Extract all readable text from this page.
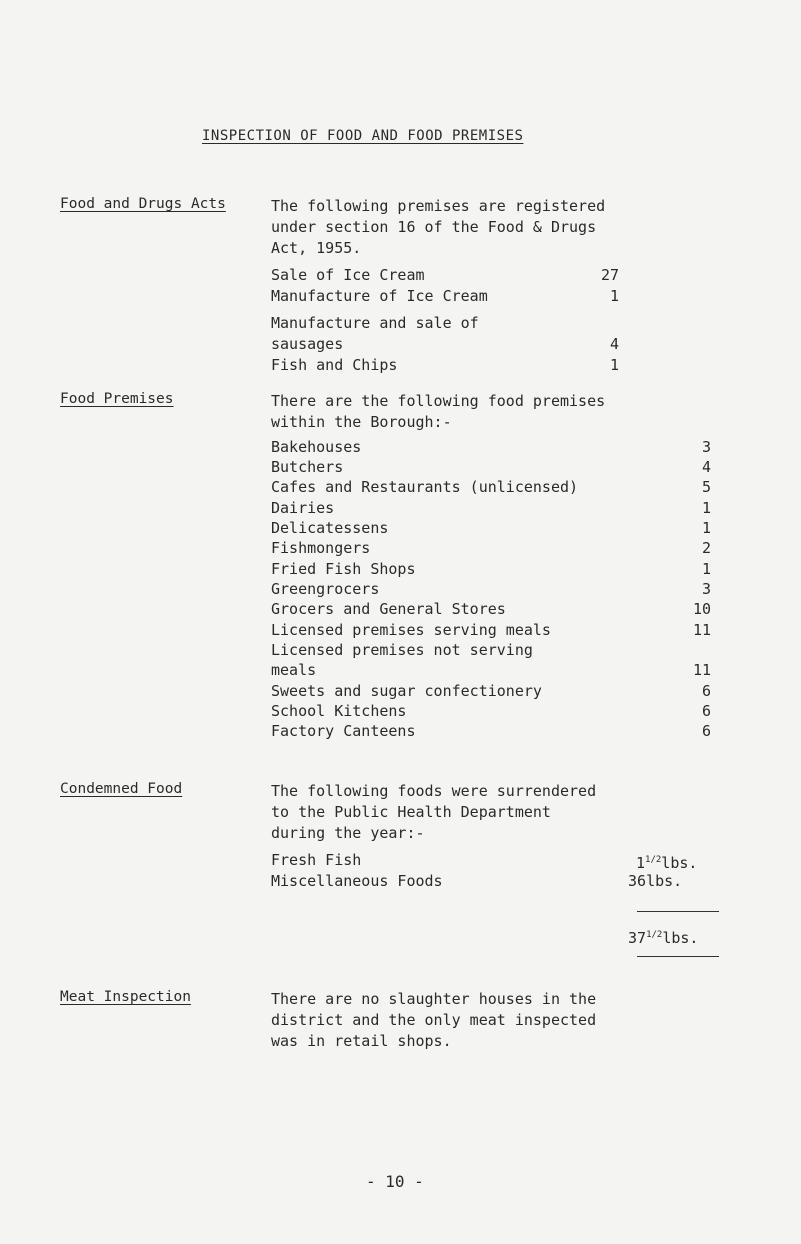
INSPECTION OF FOOD AND FOOD PREMISES
Food and Drugs Acts	The following premises are registered
under section 16 of the Food & Drugs
Act, 1955.
Sale of Ice Cream	27
Manufacture of Ice Cream	1
Manufacture and sale of
sausages	4
Fish and Chips	1
Food Premises	There are the following food premises
within the Borough:-
Bakehouses	3
Butchers	4
Cafes and Restaurants (unlicensed)	5
Dairies	1
Delicatessens	1
Fishmongers	2
Fried Fish Shops	1
Greengrocers	3
Grocers and General Stores	10
Licensed premises serving meals	11
Licensed premises not serving
meals	11
Sweets and sugar confectionery	6
School Kitchens	6
Factory Canteens	6
Condemned Food	The following foods were surrendered
to the Public Health Department
during the year:-
Fresh Fish	$1^{1/2}lbs$.
Miscellaneous Foods	36lbs.
$37^{1/2}lbs$.
Meat Inspection	There are no slaughter houses in the
district and the only meat inspected
was in retail shops.
- 10 -
